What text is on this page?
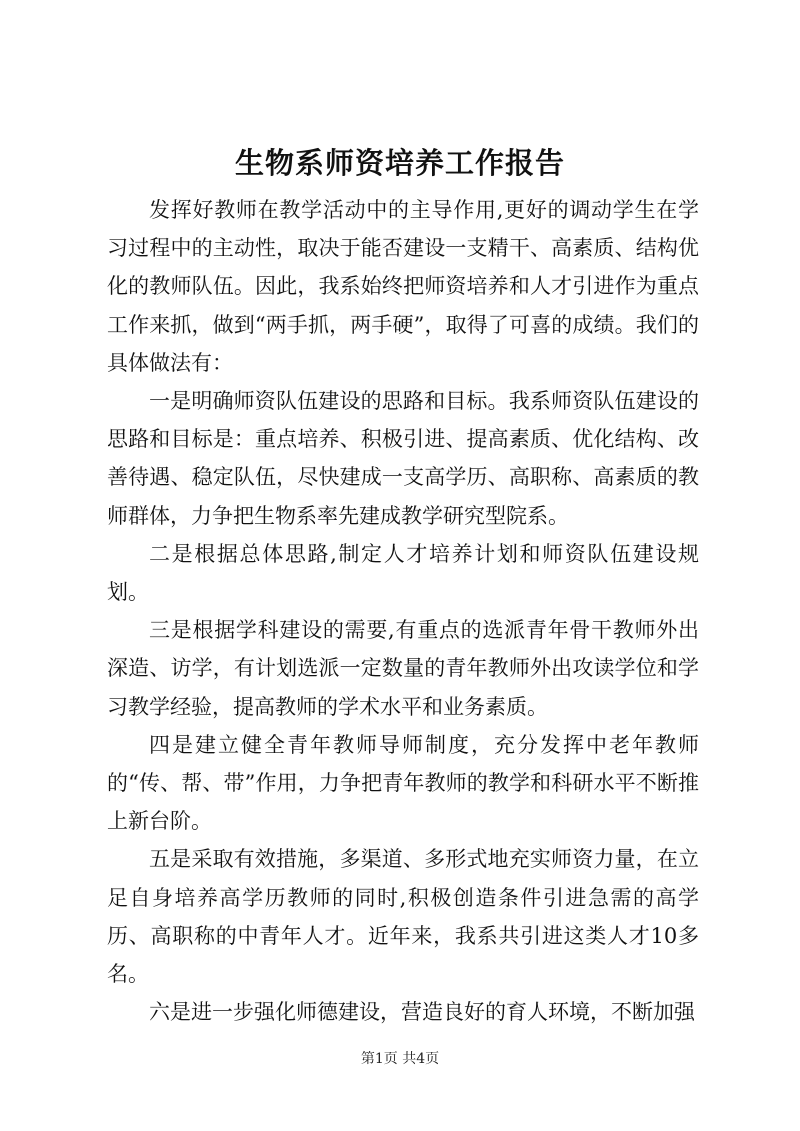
生物系师资培养工作报告

发挥好教师在教学活动中的主导作用,更好的调动学生在学习过程中的主动性，取决于能否建设一支精干、高素质、结构优化的教师队伍。因此，我系始终把师资培养和人才引进作为重点工作来抓，做到“两手抓，两手硬”，取得了可喜的成绩。我们的具体做法有：

一是明确师资队伍建设的思路和目标。我系师资队伍建设的思路和目标是：重点培养、积极引进、提高素质、优化结构、改善待遇、稳定队伍，尽快建成一支高学历、高职称、高素质的教师群体，力争把生物系率先建成教学研究型院系。

二是根据总体思路,制定人才培养计划和师资队伍建设规划。

三是根据学科建设的需要,有重点的选派青年骨干教师外出深造、访学，有计划选派一定数量的青年教师外出攻读学位和学习教学经验，提高教师的学术水平和业务素质。

四是建立健全青年教师导师制度，充分发挥中老年教师的“传、帮、带”作用，力争把青年教师的教学和科研水平不断推上新台阶。

五是采取有效措施，多渠道、多形式地充实师资力量，在立足自身培养高学历教师的同时,积极创造条件引进急需的高学历、高职称的中青年人才。近年来，我系共引进这类人才10多名。

六是进一步强化师德建设，营造良好的育人环境，不断加强

第1页 共4页
